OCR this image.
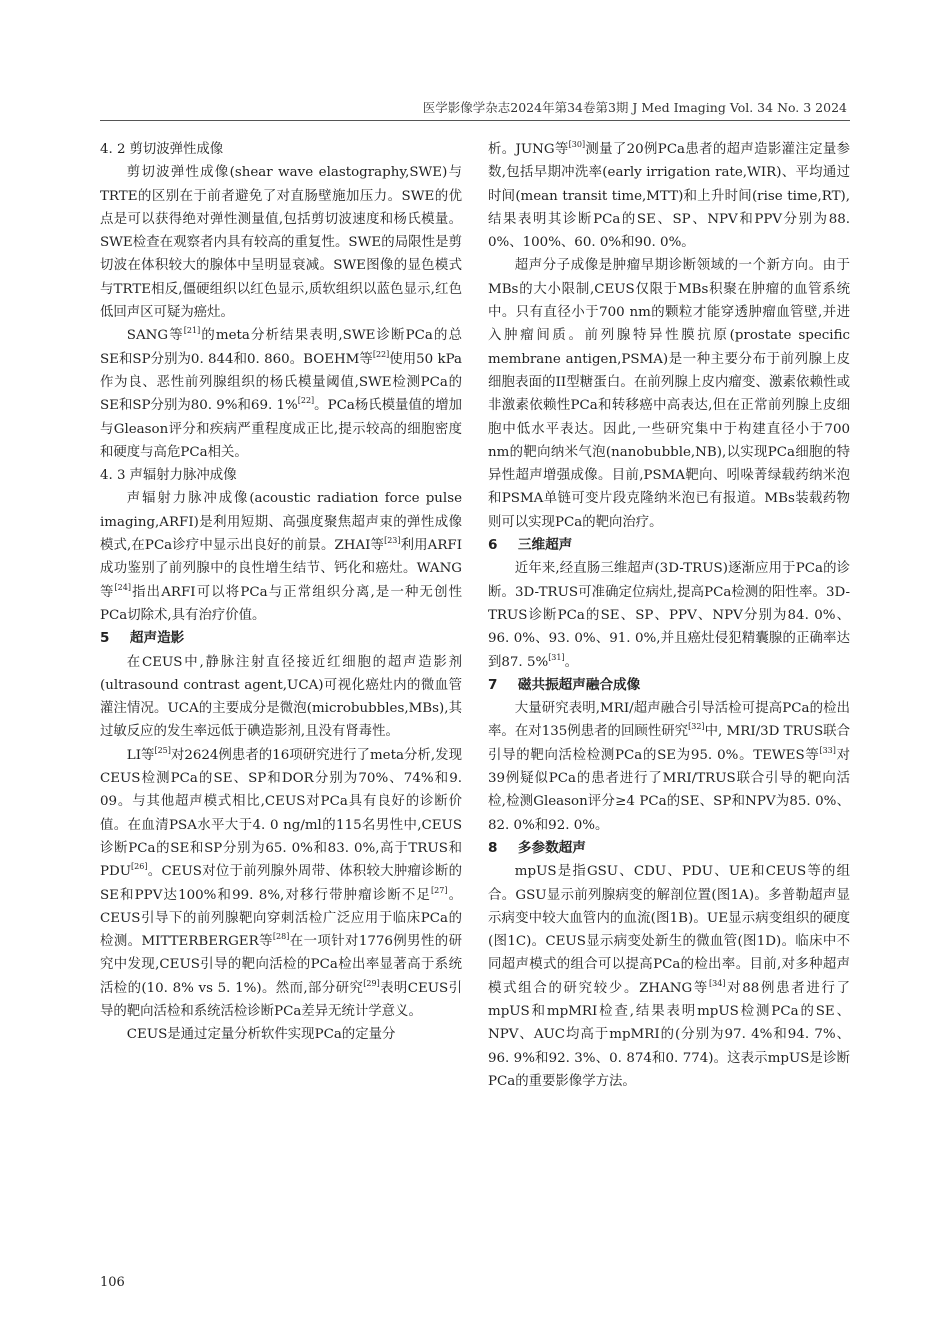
医学影像学杂志2024年第34卷第3期 J Med Imaging Vol. 34 No. 3 2024
4. 2 剪切波弹性成像

剪切波弹性成像(shear wave elastography,SWE)与TRTE的区别在于前者避免了对直肠壁施加压力。SWE的优点是可以获得绝对弹性测量值,包括剪切波速度和杨氏模量。SWE检查在观察者内具有较高的重复性。SWE的局限性是剪切波在体积较大的腺体中呈明显衰减。SWE图像的显色模式与TRTE相反,僵硬组织以红色显示,质软组织以蓝色显示,红色低回声区可疑为癌灶。

SANG等[21]的meta分析结果表明,SWE诊断PCa的总SE和SP分别为0. 844和0. 860。BOEHM等[22]使用50 kPa作为良、恶性前列腺组织的杨氏模量阈值,SWE检测PCa的SE和SP分别为80. 9%和69. 1%[22]。PCa杨氏模量值的增加与Gleason评分和疾病严重程度成正比,提示较高的细胞密度和硬度与高危PCa相关。

4. 3 声辐射力脉冲成像

声辐射力脉冲成像(acoustic radiation force pulse imaging,ARFI)是利用短期、高强度聚焦超声束的弹性成像模式,在PCa诊疗中显示出良好的前景。ZHAI等[23]利用ARFI成功鉴别了前列腺中的良性增生结节、钙化和癌灶。WANG等[24]指出ARFI可以将PCa与正常组织分离,是一种无创性PCa切除术,具有治疗价值。

5 超声造影

在CEUS中,静脉注射直径接近红细胞的超声造影剂(ultrasound contrast agent,UCA)可视化癌灶内的微血管灌注情况。UCA的主要成分是微泡(microbubbles,MBs),其过敏反应的发生率远低于碘造影剂,且没有肾毒性。

LI等[25]对2624例患者的16项研究进行了meta分析,发现CEUS检测PCa的SE、SP和DOR分别为70%、74%和9. 09。与其他超声模式相比,CEUS对PCa具有良好的诊断价值。在血清PSA水平大于4. 0 ng/ml的115名男性中,CEUS诊断PCa的SE和SP分别为65. 0%和83. 0%,高于TRUS和PDU[26]。CEUS对位于前列腺外周带、体积较大肿瘤诊断的SE和PPV达100%和99. 8%,对移行带肿瘤诊断不足[27]。CEUS引导下的前列腺靶向穿刺活检广泛应用于临床PCa的检测。MITTERBERGER等[28]在一项针对1776例男性的研究中发现,CEUS引导的靶向活检的PCa检出率显著高于系统活检的(10. 8% vs 5. 1%)。然而,部分研究[29]表明CEUS引导的靶向活检和系统活检诊断PCa差异无统计学意义。

CEUS是通过定量分析软件实现PCa的定量分

析。JUNG等[30]测量了20例PCa患者的超声造影灌注定量参数,包括早期冲洗率(early irrigation rate,WIR)、平均通过时间(mean transit time,MTT)和上升时间(rise time,RT),结果表明其诊断PCa的SE、SP、NPV和PPV分别为88. 0%、100%、60. 0%和90. 0%。

超声分子成像是肿瘤早期诊断领域的一个新方向。由于MBs的大小限制,CEUS仅限于MBs积聚在肿瘤的血管系统中。只有直径小于700 nm的颗粒才能穿透肿瘤血管壁,并进入肿瘤间质。前列腺特异性膜抗原(prostate specific membrane antigen,PSMA)是一种主要分布于前列腺上皮细胞表面的II型糖蛋白。在前列腺上皮内瘤变、激素依赖性或非激素依赖性PCa和转移癌中高表达,但在正常前列腺上皮细胞中低水平表达。因此,一些研究集中于构建直径小于700 nm的靶向纳米气泡(nanobubble,NB),以实现PCa细胞的特异性超声增强成像。目前,PSMA靶向、吲哚菁绿载药纳米泡和PSMA单链可变片段克隆纳米泡已有报道。MBs装载药物则可以实现PCa的靶向治疗。

6 三维超声

近年来,经直肠三维超声(3D-TRUS)逐渐应用于PCa的诊断。3D-TRUS可准确定位病灶,提高PCa检测的阳性率。3D-TRUS诊断PCa的SE、SP、PPV、NPV分别为84. 0%、96. 0%、93. 0%、91. 0%,并且癌灶侵犯精囊腺的正确率达到87. 5%[31]。

7 磁共振超声融合成像

大量研究表明,MRI/超声融合引导活检可提高PCa的检出率。在对135例患者的回顾性研究[32]中, MRI/3D TRUS联合引导的靶向活检检测PCa的SE为95. 0%。TEWES等[33]对39例疑似PCa的患者进行了MRI/TRUS联合引导的靶向活检,检测Gleason评分≥4 PCa的SE、SP和NPV为85. 0%、82. 0%和92. 0%。

8 多参数超声

mpUS是指GSU、CDU、PDU、UE和CEUS等的组合。GSU显示前列腺病变的解剖位置(图1A)。多普勒超声显示病变中较大血管内的血流(图1B)。UE显示病变组织的硬度(图1C)。CEUS显示病变处新生的微血管(图1D)。临床中不同超声模式的组合可以提高PCa的检出率。目前,对多种超声模式组合的研究较少。ZHANG等[34]对88例患者进行了mpUS和mpMRI检查,结果表明mpUS检测PCa的SE、NPV、AUC均高于mpMRI的(分别为97. 4%和94. 7%、96. 9%和92. 3%、0. 874和0. 774)。这表示mpUS是诊断PCa的重要影像学方法。

106
